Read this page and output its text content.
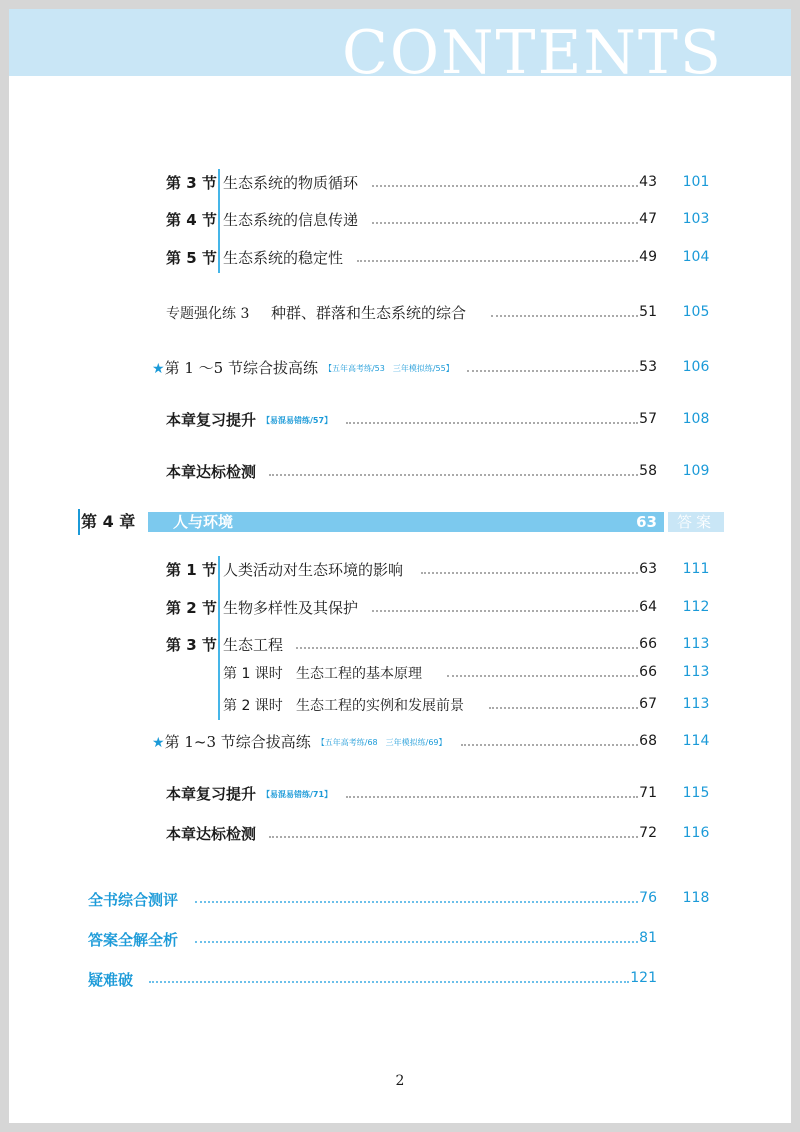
CONTENTS
第 3 节 生态系统的物质循环	43	101
第 4 节 生态系统的信息传递	47	103
第 5 节 生态系统的稳定性	49	104
专题强化练 3 种群、群落和生态系统的综合	51	105
★第 1 ～5 节综合拔高练 【五年高考练/53　三年模拟练/55】	53	106
本章复习提升 【易混易错练/57】	57	108
本章达标检测	58	109
第 4 章	人与环境	63	答案
第 1 节 人类活动对生态环境的影响	63	111
第 2 节 生物多样性及其保护	64	112
第 3 节 生态工程	66	113
第 1 课时 生态工程的基本原理	66	113
第 2 课时 生态工程的实例和发展前景	67	113
★第 1~3 节综合拔高练 【五年高考练/68　三年模拟练/69】	68	114
本章复习提升 【易混易错练/71】	71	115
本章达标检测	72	116
全书综合测评	76	118
答案全解全析	81
疑难破	121
2
